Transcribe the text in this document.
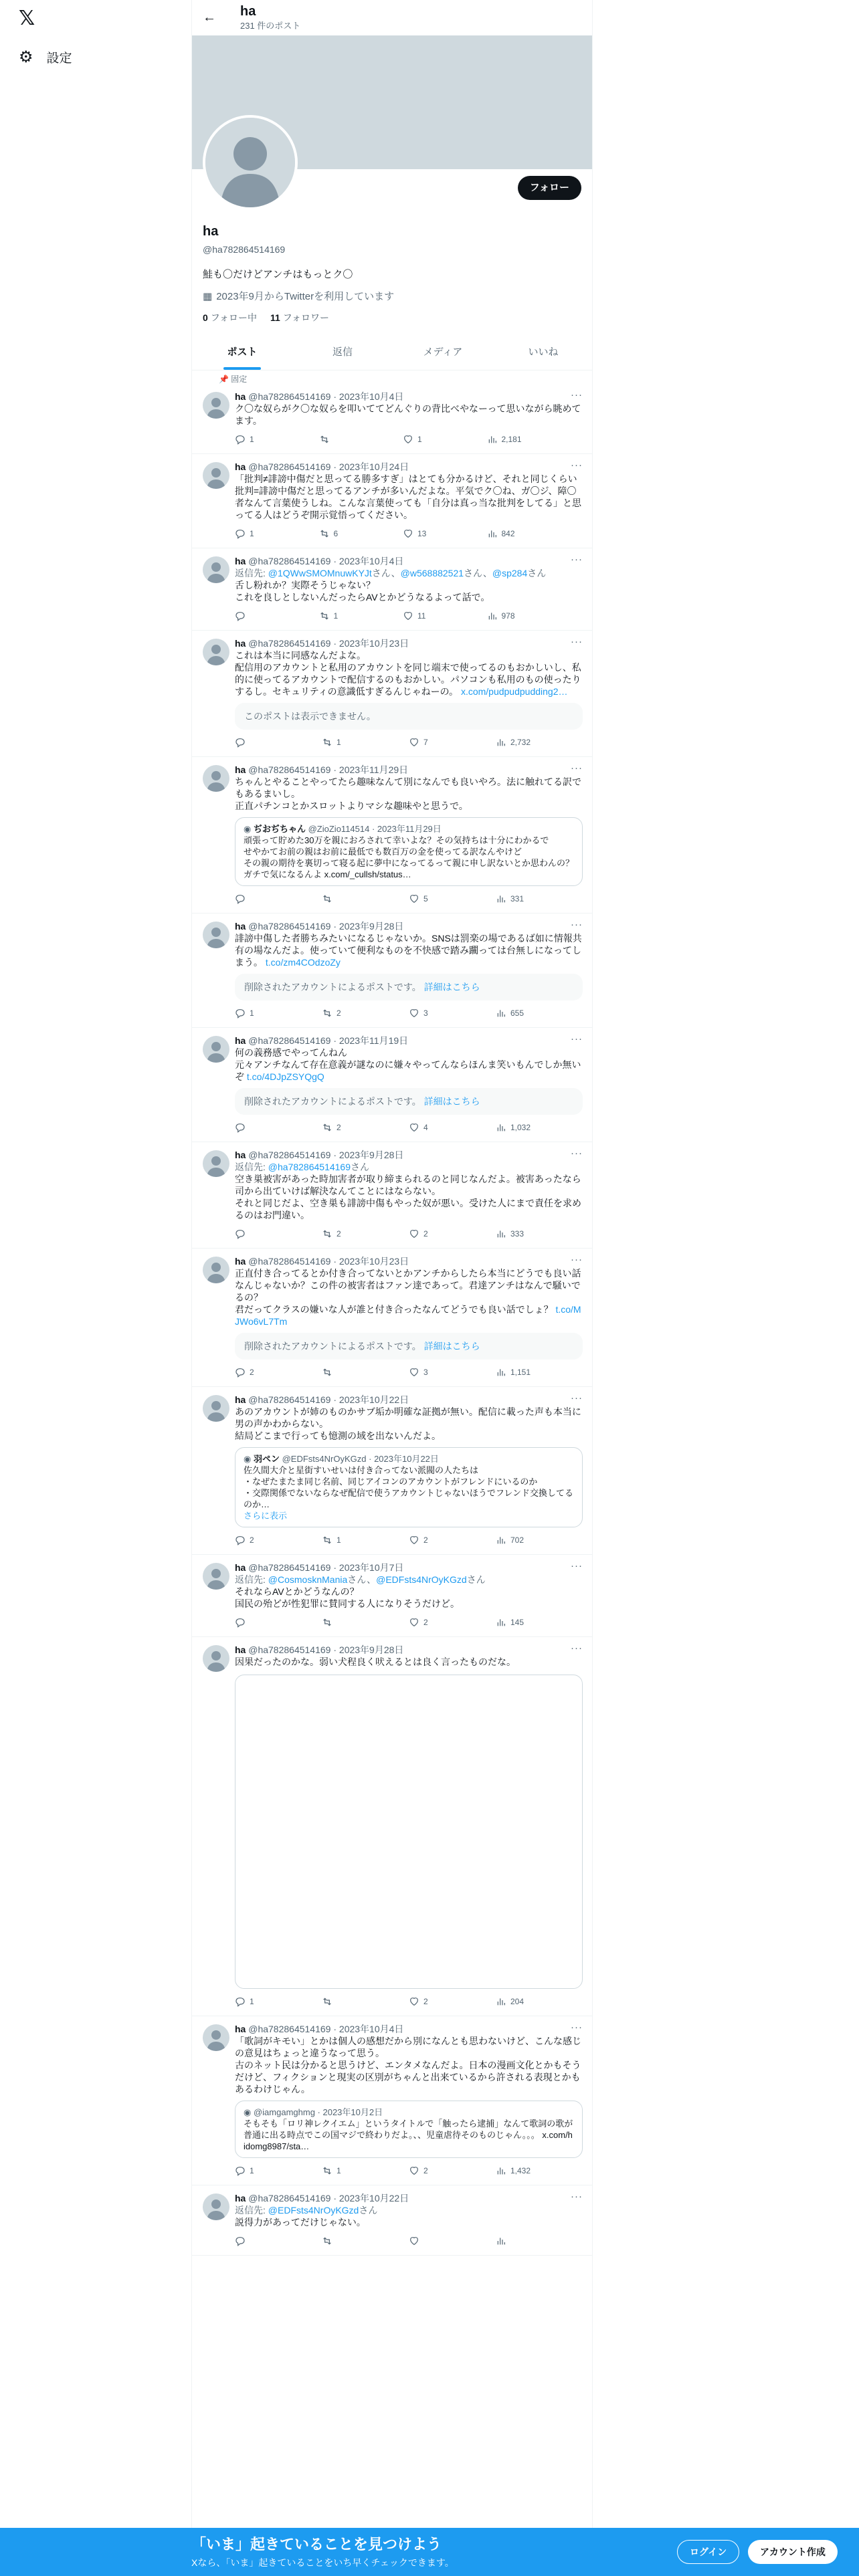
𝕏
⚙ 設定
←	ha
231 件のポスト
フォロー
ha
@ha782864514169
鮭も〇だけどアンチはもっとク〇
▦ 2023年9月からTwitterを利用しています
0 フォロー中 11 フォロワー
ポスト	返信	メディア	いいね
📌 固定
···
ha @ha782864514169 · 2023年10月4日
ク〇な奴らがク〇な奴らを叩いててどんぐりの背比べやなーって思いながら眺めてます。
1	1	2,181
···
ha @ha782864514169 · 2023年10月24日
「批判≠誹謗中傷だと思ってる勝多すぎ」はとても分かるけど、それと同じくらい批判=誹謗中傷だと思ってるアンチが多いんだよな。平気でク〇ね、ガ〇ジ、障〇者なんて言葉使うしね。こんな言葉使っても「自分は真っ当な批判をしてる」と思ってる人はどうぞ開示覚悟ってください。
1	6	13	842
···
ha @ha782864514169 · 2023年10月4日
返信先: @1QWwSMOMnuwKYJtさん、@w568882521さん、@sp284さん
舌し粉れか？実際そうじゃない？
これを良しとしないんだったらAVとかどうなるよって話で。
1	11	978
···
ha @ha782864514169 · 2023年10月23日
これは本当に同感なんだよな。
配信用のアカウントと私用のアカウントを同じ端末で使ってるのもおかしいし、私的に使ってるアカウントで配信するのもおかしい。パソコンも私用のもの使ったりするし。セキュリティの意識低すぎるんじゃねーの。 x.com/pudpudpudding2…
このポストは表示できません。
1	7	2,732
···
ha @ha782864514169 · 2023年11月29日
ちゃんとやることやってたら趣味なんて別になんでも良いやろ。法に触れてる訳でもあるまいし。
正直パチンコとかスロットよりマシな趣味やと思うで。
◉ ぢおぢちゃん @ZioZio114514 · 2023年11月29日
頑張って貯めた30万を親におろされて幸いよな？その気持ちは十分にわかるで
せやかてお前の親はお前に最低でも数百万の金を使ってる訳なんやけど
その親の期待を裏切って寝る起に夢中になってるって親に申し訳ないとか思わんの？ガチで気になるんよ x.com/_cullsh/status…
5	331
···
ha @ha782864514169 · 2023年9月28日
誹謗中傷した者勝ちみたいになるじゃないか。SNSは罰楽の場であるば如に情報共有の場なんだよ。使っていて便利なものを不快感で踏み躙っては台無しになってしまう。 t.co/zm4COdzoZy
削除されたアカウントによるポストです。 詳細はこちら
1	2	3	655
···
ha @ha782864514169 · 2023年11月19日
何の義務感でやってんねん
元々アンチなんて存在意義が謎なのに嫌々やってんならほんま笑いもんでしか無いぞ t.co/4DJpZSYQgQ
削除されたアカウントによるポストです。 詳細はこちら
2	4	1,032
···
ha @ha782864514169 · 2023年9月28日
返信先: @ha782864514169さん
空き巣被害があった時加害者が取り締まられるのと同じなんだよ。被害あったなら司から出ていけば解決なんてことにはならない。
それと同じだよ、空き巣も誹謗中傷もやった奴が悪い。受けた人にまで責任を求めるのはお門違い。
2	2	333
···
ha @ha782864514169 · 2023年10月23日
正直付き合ってるとか付き合ってないとかアンチからしたら本当にどうでも良い話なんじゃないか？この件の被害者はファン達であって。君達アンチはなんで騒いでるの？
君だってクラスの嫌いな人が誰と付き合ったなんてどうでも良い話でしょ？ t.co/MJWo6vL7Tm
削除されたアカウントによるポストです。 詳細はこちら
2	3	1,151
···
ha @ha782864514169 · 2023年10月22日
あのアカウントが姉のものかサブ垢か明確な証拠が無い。配信に載った声も本当に男の声かわからない。
結局どこまで行っても憶測の域を出ないんだよ。
◉ 羽ペン @EDFsts4NrOyKGzd · 2023年10月22日
佐久間大介と星街すいせいは付き合ってない派閥の人たちは
・なぜたまたま同じ名前、同じアイコンのアカウントがフレンドにいるのか
・交際関係でないならなぜ配信で使うアカウントじゃないほうでフレンド交換してるのか…
さらに表示
2	1	2	702
···
ha @ha782864514169 · 2023年10月7日
返信先: @CosmosknManiaさん、@EDFsts4NrOyKGzdさん
それならAVとかどうなんの？
国民の殆どが性犯罪に賛同する人になりそうだけど。
2	145
···
ha @ha782864514169 · 2023年9月28日
因果だったのかな。弱い犬程良く吠えるとは良く言ったものだな。
1	2	204
···
ha @ha782864514169 · 2023年10月4日
「歌詞がキモい」とかは個人の感想だから別になんとも思わないけど、こんな感じの意見はちょっと違うなって思う。
古のネット民は分かると思うけど、エンタメなんだよ。日本の漫画文化とかもそうだけど、フィクションと現実の区別がちゃんと出来ているから許される表現とかもあるわけじゃん。
◉ @iamgamghmg · 2023年10月2日
そもそも「ロリ神レクイエム」というタイトルで「触ったら逮捕」なんて歌詞の歌が普通に出る時点でこの国マジで終わりだよ。、、児童虐待そのものじゃん。。。 x.com/hidomg8987/sta…
1	1	2	1,432
···
ha @ha782864514169 · 2023年10月22日
返信先: @EDFsts4NrOyKGzdさん
説得力があってだけじゃない。
「いま」起きていることを見つけよう
Xなら、「いま」起きていることをいち早くチェックできます。
ログイン	アカウント作成
